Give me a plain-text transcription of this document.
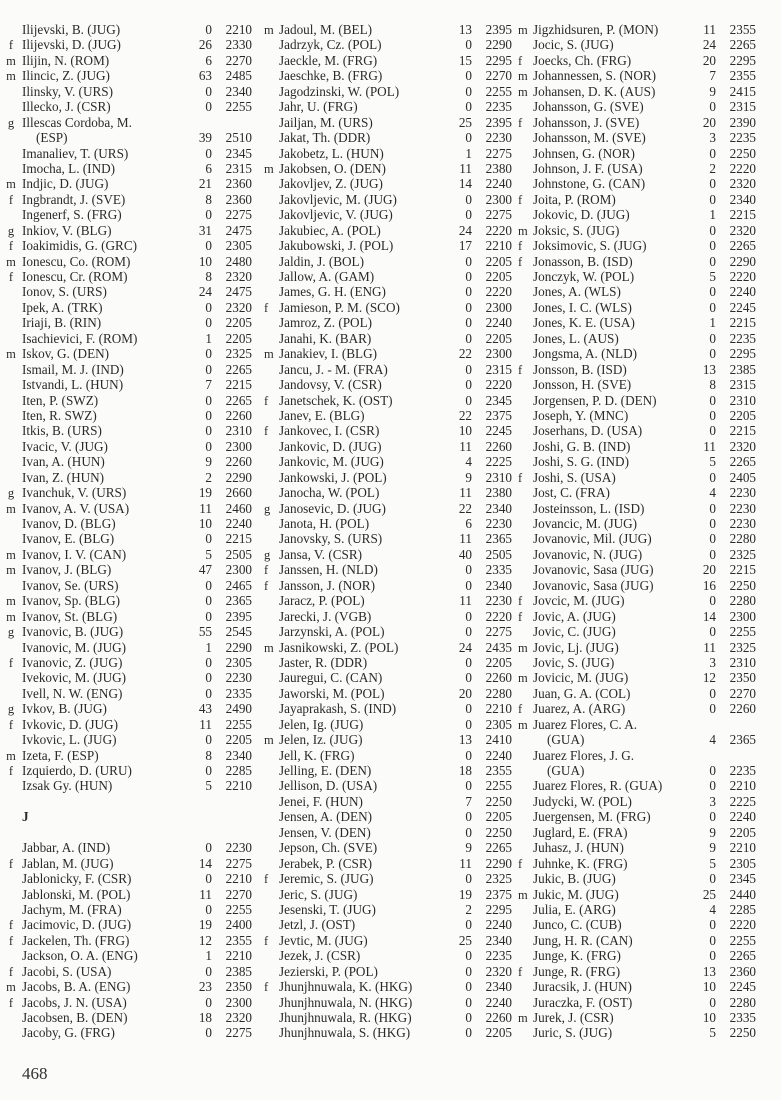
Ilijevski, B. (JUG)	0	2210
f Ilijevski, D. (JUG)	26	2330
m Ilijin, N. (ROM)	6	2270
m Ilincic, Z. (JUG)	63	2485
Ilinsky, V. (URS)	0	2340
Illecko, J. (CSR)	0	2255
g Illescas Cordoba, M.
(ESP)	39	2510
Imanaliev, T. (URS)	0	2345
Imocha, L. (IND)	6	2315
m Indjic, D. (JUG)	21	2360
f Ingbrandt, J. (SVE)	8	2360
Ingenerf, S. (FRG)	0	2275
g Inkiov, V. (BLG)	31	2475
f Ioakimidis, G. (GRC)	0	2305
m Ionescu, Co. (ROM)	10	2480
f Ionescu, Cr. (ROM)	8	2320
Ionov, S. (URS)	24	2475
Ipek, A. (TRK)	0	2320
Iriaji, B. (RIN)	0	2205
Isachievici, F. (ROM)	1	2205
m Iskov, G. (DEN)	0	2325
Ismail, M. J. (IND)	0	2265
Istvandi, L. (HUN)	7	2215
Iten, P. (SWZ)	0	2265
Iten, R. SWZ)	0	2260
Itkis, B. (URS)	0	2310
Ivacic, V. (JUG)	0	2300
Ivan, A. (HUN)	9	2260
Ivan, Z. (HUN)	2	2290
g Ivanchuk, V. (URS)	19	2660
m Ivanov, A. V. (USA)	11	2460
Ivanov, D. (BLG)	10	2240
Ivanov, E. (BLG)	0	2215
m Ivanov, I. V. (CAN)	5	2505
m Ivanov, J. (BLG)	47	2300
Ivanov, Se. (URS)	0	2465
m Ivanov, Sp. (BLG)	0	2365
m Ivanov, St. (BLG)	0	2395
g Ivanovic, B. (JUG)	55	2545
Ivanovic, M. (JUG)	1	2290
f Ivanovic, Z. (JUG)	0	2305
Ivekovic, M. (JUG)	0	2230
Ivell, N. W. (ENG)	0	2335
g Ivkov, B. (JUG)	43	2490
f Ivkovic, D. (JUG)	11	2255
Ivkovic, L. (JUG)	0	2205
m Izeta, F. (ESP)	8	2340
f Izquierdo, D. (URU)	0	2285
Izsak Gy. (HUN)	5	2210
J
Jabbar, A. (IND)	0	2230
f Jablan, M. (JUG)	14	2275
Jablonicky, F. (CSR)	0	2210
Jablonski, M. (POL)	11	2270
Jachym, M. (FRA)	0	2255
f Jacimovic, D. (JUG)	19	2400
f Jackelen, Th. (FRG)	12	2355
Jackson, O. A. (ENG)	1	2210
f Jacobi, S. (USA)	0	2385
m Jacobs, B. A. (ENG)	23	2350
f Jacobs, J. N. (USA)	0	2300
Jacobsen, B. (DEN)	18	2320
Jacoby, G. (FRG)	0	2275
m Jadoul, M. (BEL)	13	2395
Jadrzyk, Cz. (POL)	0	2290
Jaeckle, M. (FRG)	15	2295
Jaeschke, B. (FRG)	0	2270
Jagodzinski, W. (POL)	0	2255
Jahr, U. (FRG)	0	2235
Jailjan, M. (URS)	25	2395
Jakat, Th. (DDR)	0	2230
Jakobetz, L. (HUN)	1	2275
m Jakobsen, O. (DEN)	11	2380
Jakovljev, Z. (JUG)	14	2240
Jakovljevic, M. (JUG)	0	2300
Jakovljevic, V. (JUG)	0	2275
Jakubiec, A. (POL)	24	2220
Jakubowski, J. (POL)	17	2210
Jaldin, J. (BOL)	0	2205
Jallow, A. (GAM)	0	2205
James, G. H. (ENG)	0	2220
f Jamieson, P. M. (SCO)	0	2300
Jamroz, Z. (POL)	0	2240
Janahi, K. (BAR)	0	2205
m Janakiev, I. (BLG)	22	2300
Jancu, J. - M. (FRA)	0	2315
Jandovsy, V. (CSR)	0	2220
f Janetschek, K. (OST)	0	2345
Janev, E. (BLG)	22	2375
f Jankovec, I. (CSR)	10	2245
Jankovic, D. (JUG)	11	2260
Jankovic, M. (JUG)	4	2225
Jankowski, J. (POL)	9	2310
Janocha, W. (POL)	11	2380
g Janosevic, D. (JUG)	22	2340
Janota, H. (POL)	6	2230
Janovsky, S. (URS)	11	2365
g Jansa, V. (CSR)	40	2505
f Janssen, H. (NLD)	0	2335
f Jansson, J. (NOR)	0	2340
Jaracz, P. (POL)	11	2230
Jarecki, J. (VGB)	0	2220
Jarzynski, A. (POL)	0	2275
m Jasnikowski, Z. (POL)	24	2435
Jaster, R. (DDR)	0	2205
Jauregui, C. (CAN)	0	2260
Jaworski, M. (POL)	20	2280
Jayaprakash, S. (IND)	0	2210
Jelen, Ig. (JUG)	0	2305
m Jelen, Iz. (JUG)	13	2410
Jell, K. (FRG)	0	2240
Jelling, E. (DEN)	18	2355
Jellison, D. (USA)	0	2255
Jenei, F. (HUN)	7	2250
Jensen, A. (DEN)	0	2205
Jensen, V. (DEN)	0	2250
Jepson, Ch. (SVE)	9	2265
Jerabek, P. (CSR)	11	2290
f Jeremic, S. (JUG)	0	2325
Jeric, S. (JUG)	19	2375
Jesenski, T. (JUG)	2	2295
Jetzl, J. (OST)	0	2240
f Jevtic, M. (JUG)	25	2340
Jezek, J. (CSR)	0	2235
Jezierski, P. (POL)	0	2320
f Jhunjhnuwala, K. (HKG)	0	2340
Jhunjhnuwala, N. (HKG)	0	2240
Jhunjhnuwala, R. (HKG)	0	2260
Jhunjhnuwala, S. (HKG)	0	2205
m Jigzhidsuren, P. (MON)	11	2355
Jocic, S. (JUG)	24	2265
f Joecks, Ch. (FRG)	20	2295
m Johannessen, S. (NOR)	7	2355
m Johansen, D. K. (AUS)	9	2415
Johansson, G. (SVE)	0	2315
f Johansson, J. (SVE)	20	2390
Johansson, M. (SVE)	3	2235
Johnsen, G. (NOR)	0	2250
Johnson, J. F. (USA)	2	2220
Johnstone, G. (CAN)	0	2320
f Joita, P. (ROM)	0	2340
Jokovic, D. (JUG)	1	2215
m Joksic, S. (JUG)	0	2320
f Joksimovic, S. (JUG)	0	2265
f Jonasson, B. (ISD)	0	2290
Jonczyk, W. (POL)	5	2220
Jones, A. (WLS)	0	2240
Jones, I. C. (WLS)	0	2245
Jones, K. E. (USA)	1	2215
Jones, L. (AUS)	0	2235
Jongsma, A. (NLD)	0	2295
f Jonsson, B. (ISD)	13	2385
Jonsson, H. (SVE)	8	2315
Jorgensen, P. D. (DEN)	0	2310
Joseph, Y. (MNC)	0	2205
Joserhans, D. (USA)	0	2215
Joshi, G. B. (IND)	11	2320
Joshi, S. G. (IND)	5	2265
f Joshi, S. (USA)	0	2405
Jost, C. (FRA)	4	2230
Josteinsson, L. (ISD)	0	2230
Jovancic, M. (JUG)	0	2230
Jovanovic, Mil. (JUG)	0	2280
Jovanovic, N. (JUG)	0	2325
Jovanovic, Sasa (JUG)	20	2215
Jovanovic, Sasa (JUG)	16	2250
f Jovcic, M. (JUG)	0	2280
f Jovic, A. (JUG)	14	2300
Jovic, C. (JUG)	0	2255
m Jovic, Lj. (JUG)	11	2325
Jovic, S. (JUG)	3	2310
m Jovicic, M. (JUG)	12	2350
Juan, G. A. (COL)	0	2270
f Juarez, A. (ARG)	0	2260
m Juarez Flores, C. A.
(GUA)	4	2365
Juarez Flores, J. G.
(GUA)	0	2235
Juarez Flores, R. (GUA)	0	2210
Judycki, W. (POL)	3	2225
Juergensen, M. (FRG)	0	2240
Juglard, E. (FRA)	9	2205
Juhasz, J. (HUN)	9	2210
f Juhnke, K. (FRG)	5	2305
Jukic, B. (JUG)	0	2345
m Jukic, M. (JUG)	25	2440
Julia, E. (ARG)	4	2285
Junco, C. (CUB)	0	2220
Jung, H. R. (CAN)	0	2255
Junge, K. (FRG)	0	2265
f Junge, R. (FRG)	13	2360
Juracsik, J. (HUN)	10	2245
Juraczka, F. (OST)	0	2280
m Jurek, J. (CSR)	10	2335
Juric, S. (JUG)	5	2250
468
